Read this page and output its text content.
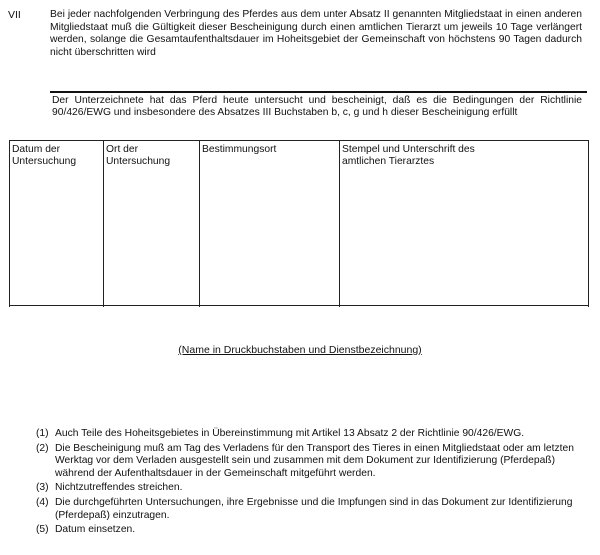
VII	Bei jeder nachfolgenden Verbringung des Pferdes aus dem unter Absatz II genannten Mitgliedstaat in einen anderen Mitgliedstaat muß die Gültigkeit dieser Bescheinigung durch einen amtlichen Tierarzt um jeweils 10 Tage verlängert werden, solange die Gesamtaufenthaltsdauer im Hoheitsgebiet der Gemeinschaft von höchstens 90 Tagen dadurch nicht überschritten wird
Der Unterzeichnete hat das Pferd heute untersucht und bescheinigt, daß es die Bedingungen der Richtlinie 90/426/EWG und insbesondere des Absatzes III Buchstaben b, c, g und h dieser Bescheinigung erfüllt
Datum der Untersuchung
Ort der Untersuchung
Bestimmungsort	Stempel und Unterschrift des amtlichen Tierarztes
(Name in Druckbuchstaben und Dienstbezeichnung)
(1) Auch Teile des Hoheitsgebietes in Übereinstimmung mit Artikel 13 Absatz 2 der Richtlinie 90/426/EWG.
(2) Die Bescheinigung muß am Tag des Verladens für den Transport des Tieres in einen Mitgliedstaat oder am letzten Werktag vor dem Verladen ausgestellt sein und zusammen mit dem Dokument zur Identifizierung (Pferdepaß) während der Aufenthaltsdauer in der Gemeinschaft mitgeführt werden.
(3) Nichtzutreffendes streichen.
(4) Die durchgeführten Untersuchungen, ihre Ergebnisse und die Impfungen sind in das Dokument zur Identifizierung (Pferdepaß) einzutragen.
(5) Datum einsetzen.
